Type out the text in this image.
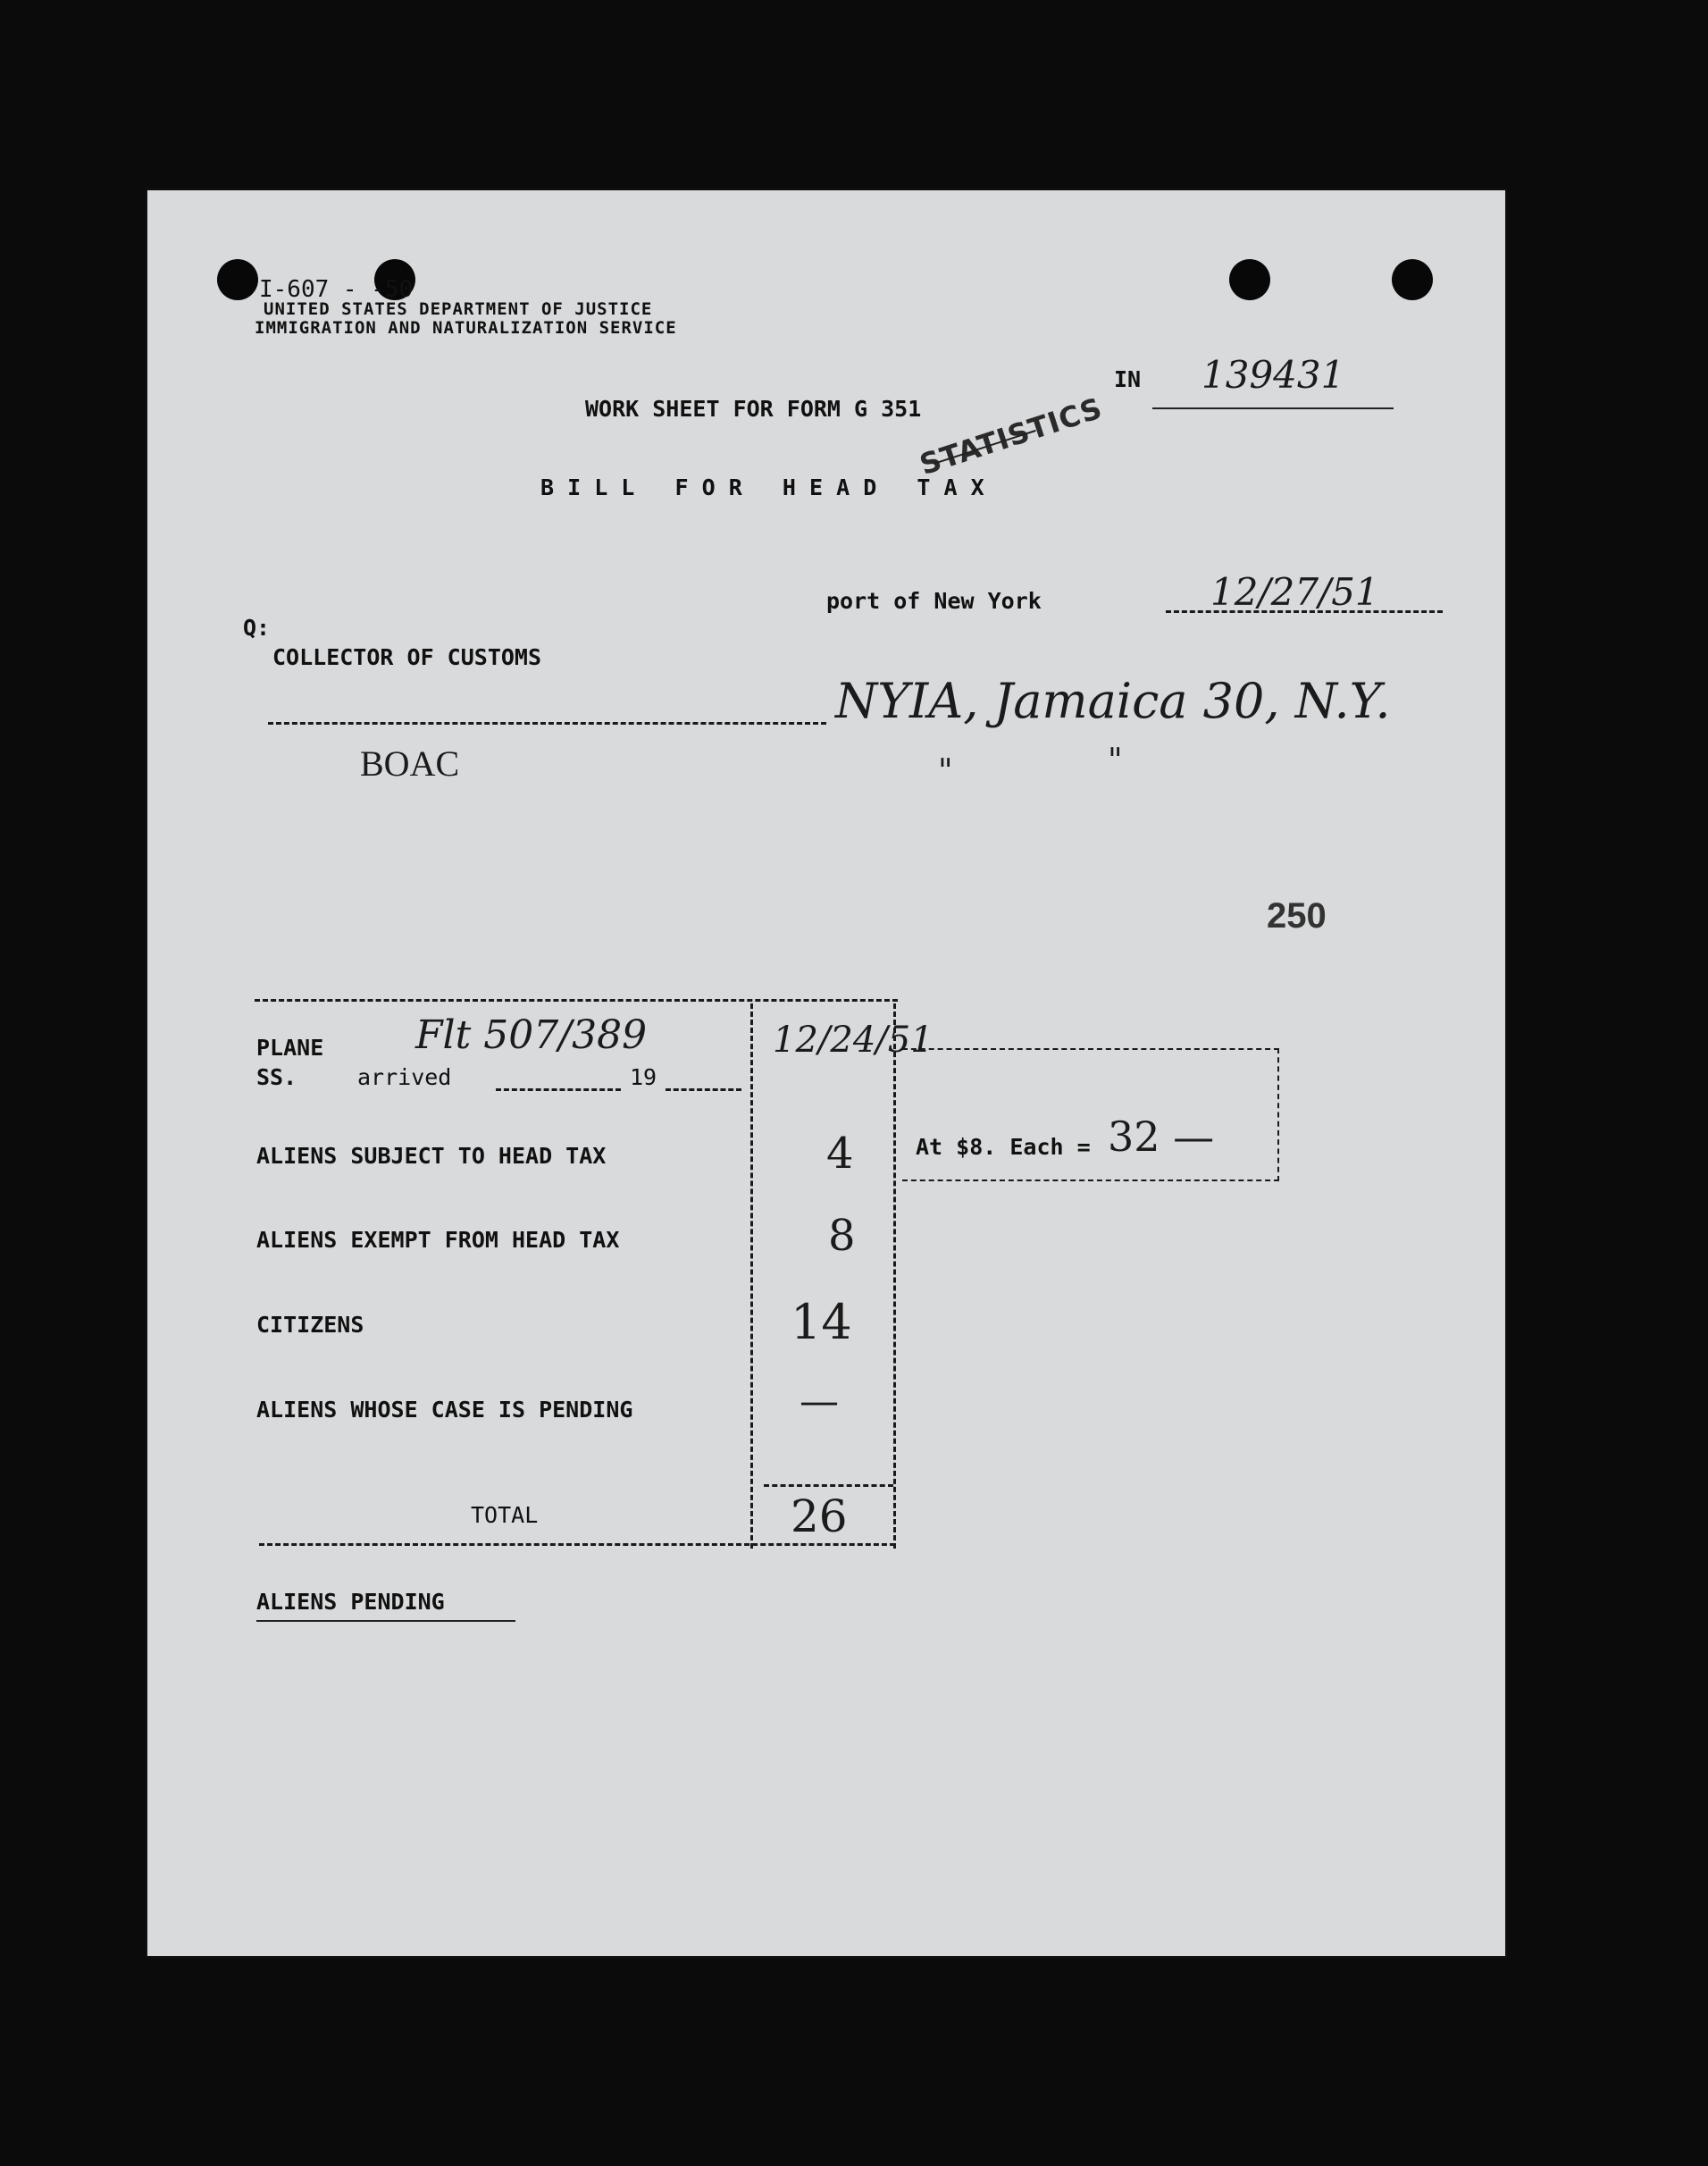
I-607 - -50
UNITED STATES DEPARTMENT OF JUSTICE
IMMIGRATION AND NATURALIZATION SERVICE
IN 139431
WORK SHEET FOR FORM G 351
STATISTICS
B I L L   F O R   H E A D   T A X
port of New York	12/27/51
Q:
COLLECTOR OF CUSTOMS
NYIA, Jamaica 30, N.Y.
BOAC	"	"
250
PLANE
SS.	arrived	19
Flt 507/389	12/24/51
ALIENS SUBJECT TO HEAD TAX	4
ALIENS EXEMPT FROM HEAD TAX	8
CITIZENS	14
ALIENS WHOSE CASE IS PENDING	—
TOTAL	26
At $8. Each = 32 —
ALIENS PENDING
